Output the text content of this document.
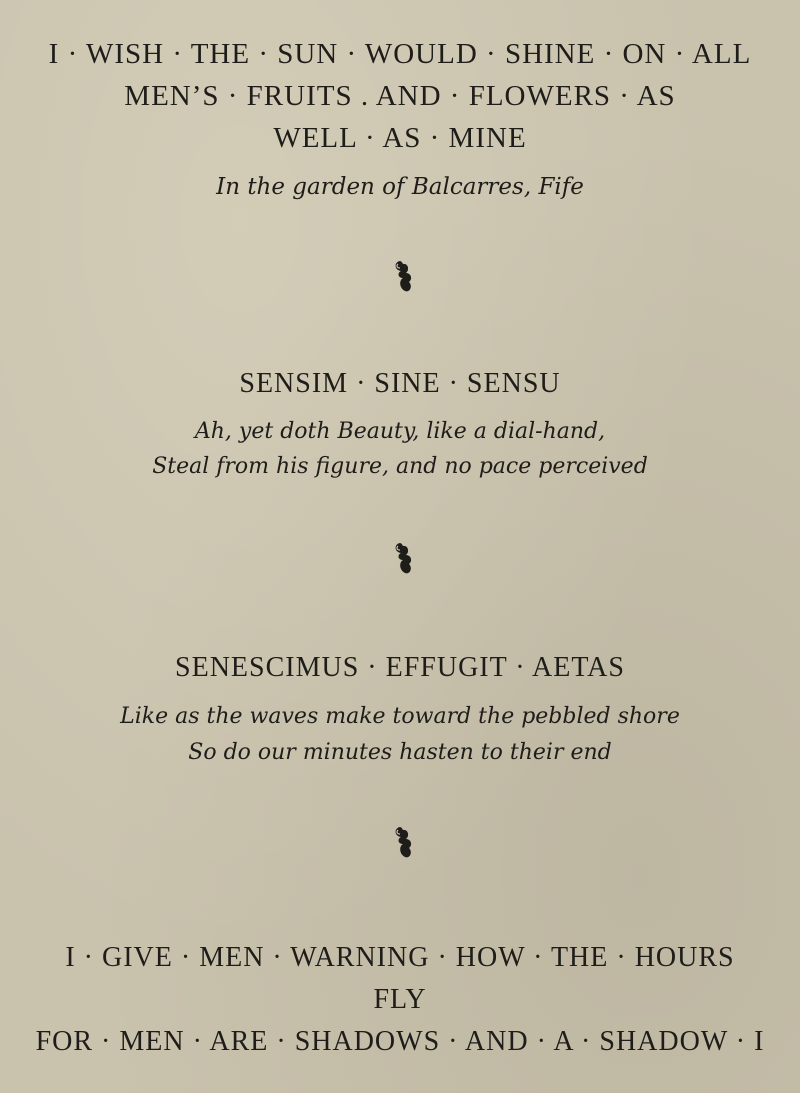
I · WISH · THE · SUN · WOULD · SHINE · ON · ALL
MEN’S · FRUITS . AND · FLOWERS · AS
WELL · AS · MINE
In the garden of Balcarres, Fife
SENSIM · SINE · SENSU
Ah, yet doth Beauty, like a dial-hand,
Steal from his figure, and no pace perceived
SENESCIMUS · EFFUGIT · AETAS
Like as the waves make toward the pebbled shore
So do our minutes hasten to their end
I · GIVE · MEN · WARNING · HOW · THE · HOURS
FLY
FOR · MEN · ARE · SHADOWS · AND · A · SHADOW · I
